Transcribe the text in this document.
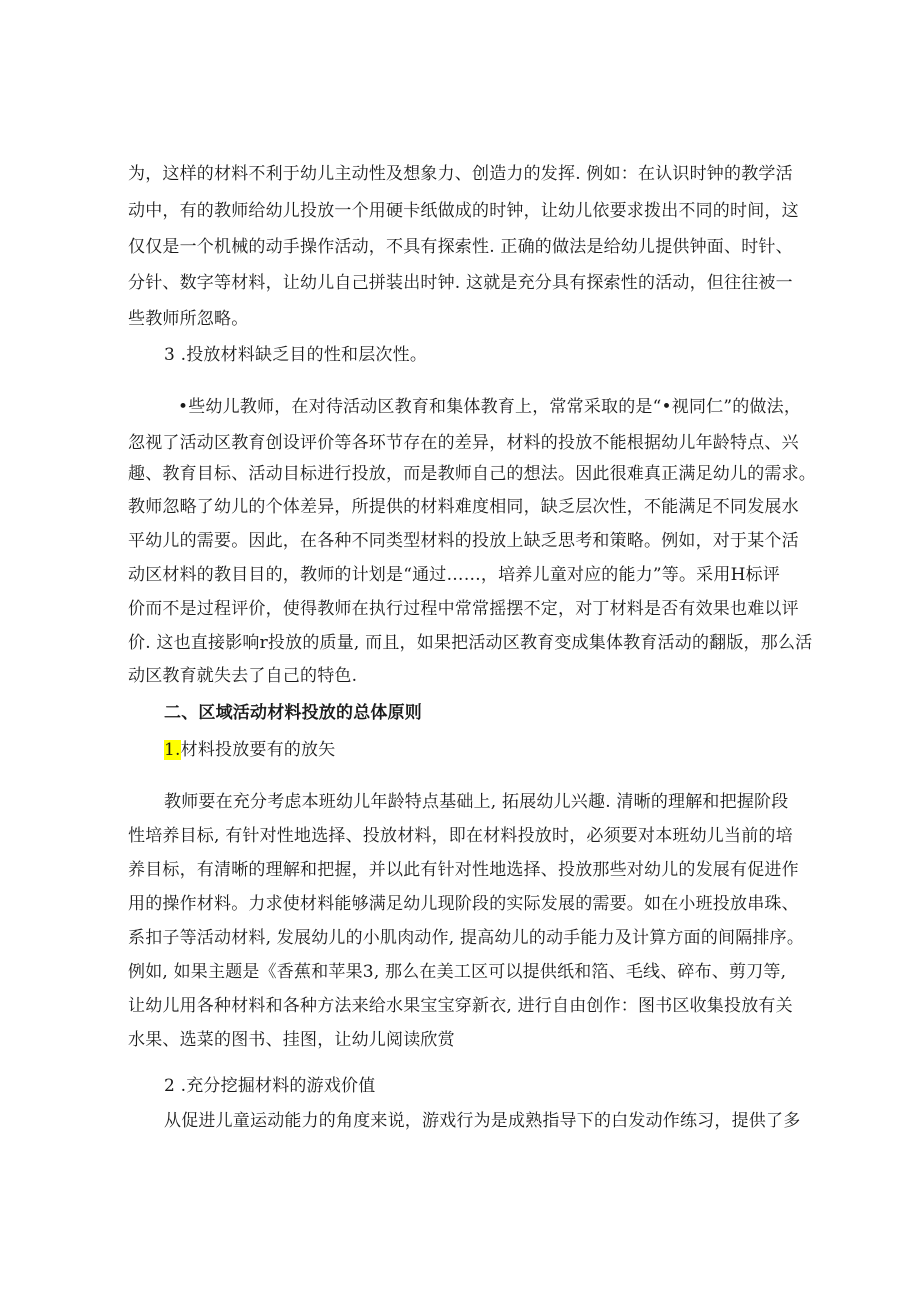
为，这样的材料不利于幼儿主动性及想象力、创造力的发挥. 例如：在认识时钟的教学活
动中，有的教师给幼儿投放一个用硬卡纸做成的时钟，让幼儿依要求拨出不同的时间，这
仅仅是一个机械的动手操作活动，不具有探索性. 正确的做法是给幼儿提供钟面、时针、
分针、数字等材料，让幼儿自己拼装出时钟. 这就是充分具有探索性的活动，但往往被一
些教师所忽略。
3 .投放材料缺乏目的性和层次性。
•些幼儿教师，在对待活动区教育和集体教育上，常常采取的是“•视同仁”的做法，
忽视了活动区教育创设评价等各环节存在的差异，材料的投放不能根据幼儿年龄特点、兴
趣、教育目标、活动目标进行投放，而是教师自己的想法。因此很难真正满足幼儿的需求。
教师忽略了幼儿的个体差异，所提供的材料难度相同，缺乏层次性，不能满足不同发展水
平幼儿的需要。因此，在各种不同类型材料的投放上缺乏思考和策略。例如，对于某个活
动区材料的教目目的，教师的计划是“通过……，培养儿童对应的能力”等。采用H标评
价而不是过程评价，使得教师在执行过程中常常摇摆不定，对丁材料是否有效果也难以评
价. 这也直接影响r投放的质量, 而且，如果把活动区教育变成集体教育活动的翻版，那么活
动区教育就失去了自己的特色.
二、区域活动材料投放的总体原则
1.材料投放要有的放矢
教师要在充分考虑本班幼儿年龄特点基础上, 拓展幼儿兴趣. 清晰的理解和把握阶段
性培养目标, 有针对性地选择、投放材料，即在材料投放时，必须要对本班幼儿当前的培
养目标，有清晰的理解和把握，并以此有针对性地选择、投放那些对幼儿的发展有促进作
用的操作材料。力求使材料能够满足幼儿现阶段的实际发展的需要。如在小班投放串珠、
系扣子等活动材料, 发展幼儿的小肌肉动作, 提高幼儿的动手能力及计算方面的间隔排序。
例如, 如果主题是《香蕉和苹果3, 那么在美工区可以提供纸和箔、毛线、碎布、剪刀等,
让幼儿用各种材料和各种方法来给水果宝宝穿新衣, 进行自由创作：图书区收集投放有关
水果、选菜的图书、挂图，让幼儿阅读欣赏
2 .充分挖掘材料的游戏价值
从促进儿童运动能力的角度来说，游戏行为是成熟指导下的白发动作练习，提供了多
